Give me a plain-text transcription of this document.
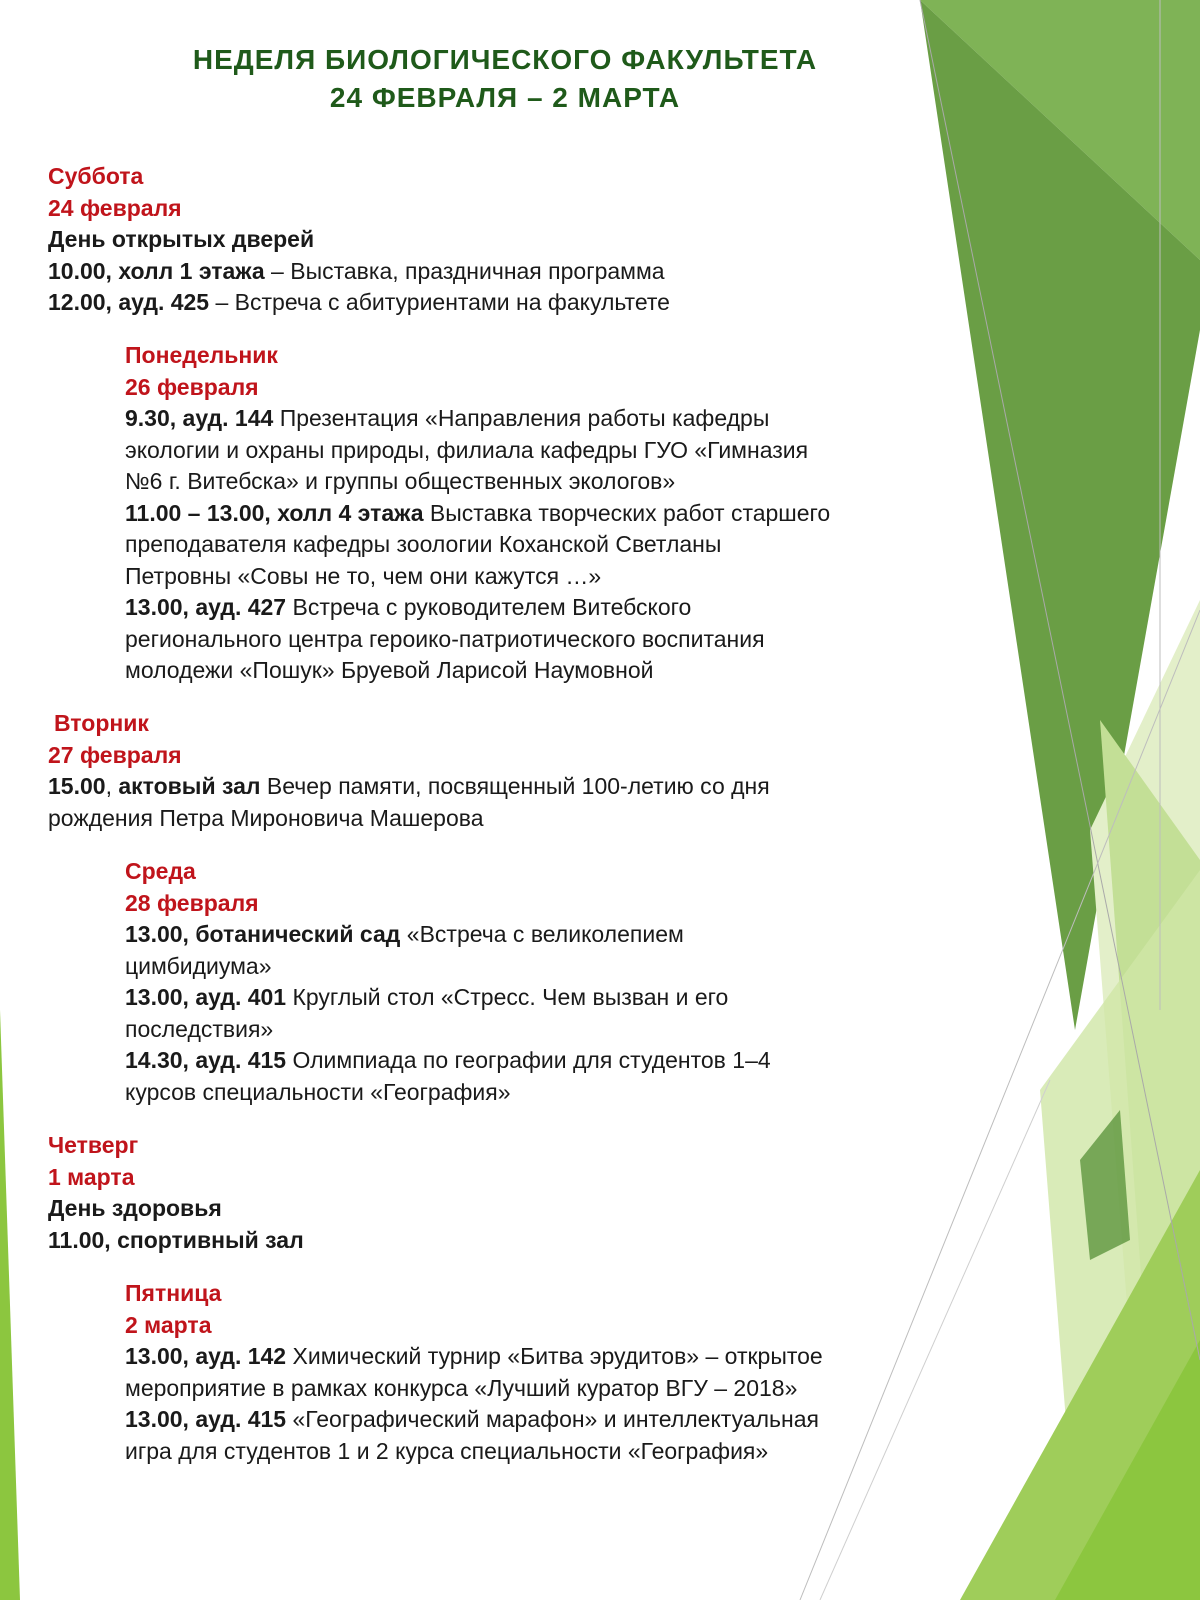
НЕДЕЛЯ БИОЛОГИЧЕСКОГО ФАКУЛЬТЕТА
24 ФЕВРАЛЯ – 2 МАРТА
Суббота
24 февраля
День открытых дверей
10.00, холл 1 этажа – Выставка, праздничная программа
12.00, ауд. 425 – Встреча с абитуриентами на факультете
Понедельник
26 февраля
9.30, ауд. 144 Презентация «Направления работы кафедры
экологии и охраны природы, филиала кафедры ГУО «Гимназия
№6 г. Витебска» и группы общественных экологов»
11.00 – 13.00, холл 4 этажа Выставка творческих работ старшего
преподавателя кафедры зоологии Коханской Светланы
Петровны «Совы не то, чем они кажутся …»
13.00, ауд. 427 Встреча с руководителем Витебского
регионального центра героико-патриотического воспитания
молодежи «Пошук» Бруевой Ларисой Наумовной
Вторник
27 февраля
15.00, актовый зал Вечер памяти, посвященный 100-летию со дня
рождения Петра Мироновича Машерова
Среда
28 февраля
13.00, ботанический сад «Встреча с великолепием
цимбидиума»
13.00, ауд. 401 Круглый стол «Стресс. Чем вызван и его
последствия»
14.30, ауд. 415 Олимпиада по географии для студентов 1–4
курсов специальности «География»
Четверг
1 марта
День здоровья
11.00, спортивный зал
Пятница
2 марта
13.00, ауд. 142 Химический турнир «Битва эрудитов» – открытое
мероприятие в рамках конкурса «Лучший куратор ВГУ – 2018»
13.00, ауд. 415 «Географический марафон» и интеллектуальная
игра для студентов 1 и 2 курса специальности «География»
